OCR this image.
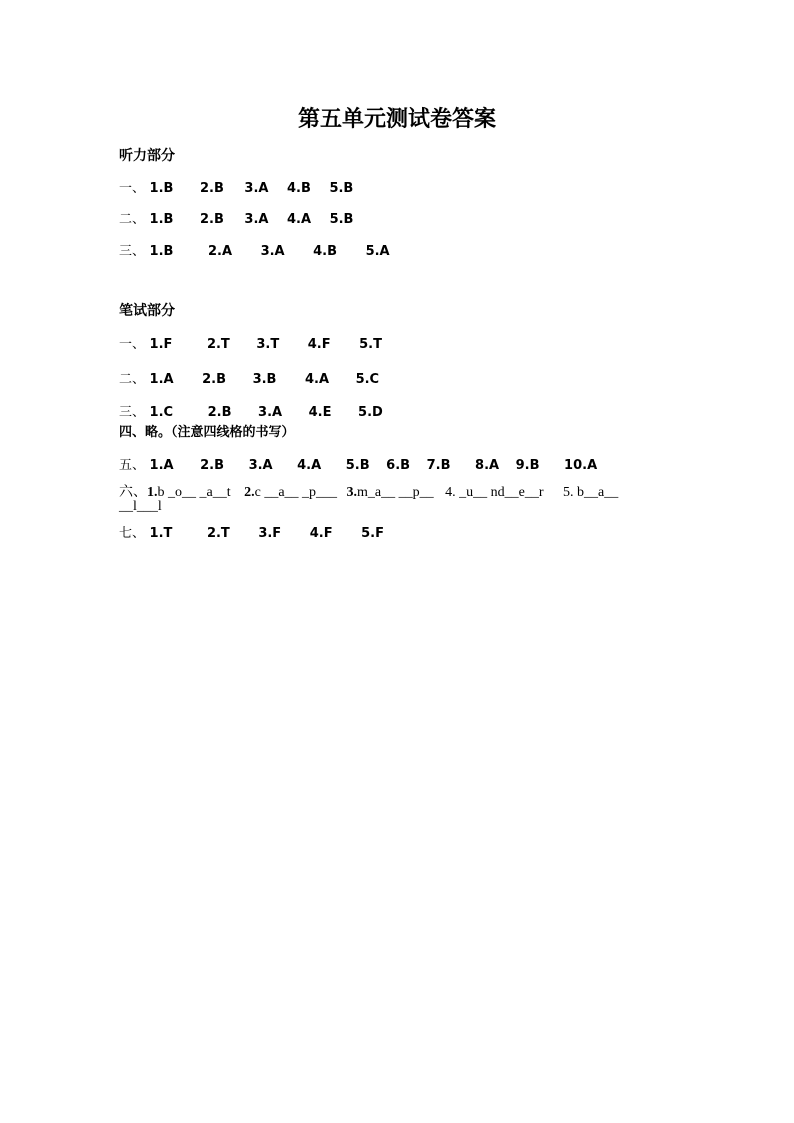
第五单元测试卷答案
听力部分
一、 1.B 2.B 3.A 4.B 5.B
二、 1.B 2.B 3.A 4.A 5.B
三、 1.B	2.A 3.A 4.B 5.A
笔试部分
一、 1.F	2.T 3.T 4.F 5.T
二、 1.A 2.B 3.B 4.A 5.C
三、 1.C	2.B 3.A 4.E 5.D
四、略。（注意四线格的书写）
五、 1.A 2.B 3.A 4.A 5.B 6.B 7.B 8.A 9.B 10.A
六、1.b _o__ _a__t 2.c __a__ _p___ 3.m_a__ __p__ 4. _u__ nd__e__r 5. b__a__
__l___l
七、 1.T	2.T 3.F 4.F 5.F
